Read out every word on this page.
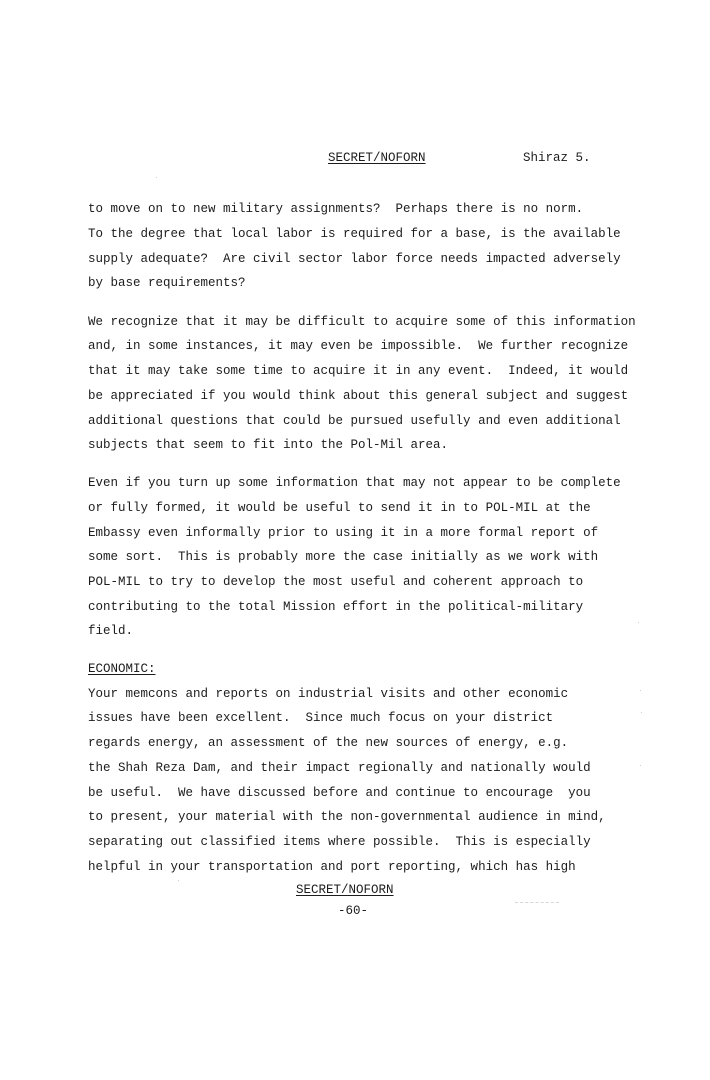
SECRET/NOFORN	Shiraz 5.
to move on to new military assignments?  Perhaps there is no norm.
To the degree that local labor is required for a base, is the available
supply adequate?  Are civil sector labor force needs impacted adversely
by base requirements?
We recognize that it may be difficult to acquire some of this information
and, in some instances, it may even be impossible.  We further recognize
that it may take some time to acquire it in any event.  Indeed, it would
be appreciated if you would think about this general subject and suggest
additional questions that could be pursued usefully and even additional
subjects that seem to fit into the Pol-Mil area.
Even if you turn up some information that may not appear to be complete
or fully formed, it would be useful to send it in to POL-MIL at the
Embassy even informally prior to using it in a more formal report of
some sort.  This is probably more the case initially as we work with
POL-MIL to try to develop the most useful and coherent approach to
contributing to the total Mission effort in the political-military
field.
ECONOMIC:
Your memcons and reports on industrial visits and other economic
issues have been excellent.  Since much focus on your district
regards energy, an assessment of the new sources of energy, e.g.
the Shah Reza Dam, and their impact regionally and nationally would
be useful.  We have discussed before and continue to encourage  you
to present, your material with the non-governmental audience in mind,
separating out classified items where possible.  This is especially
helpful in your transportation and port reporting, which has high
SECRET/NOFORN
-60-
